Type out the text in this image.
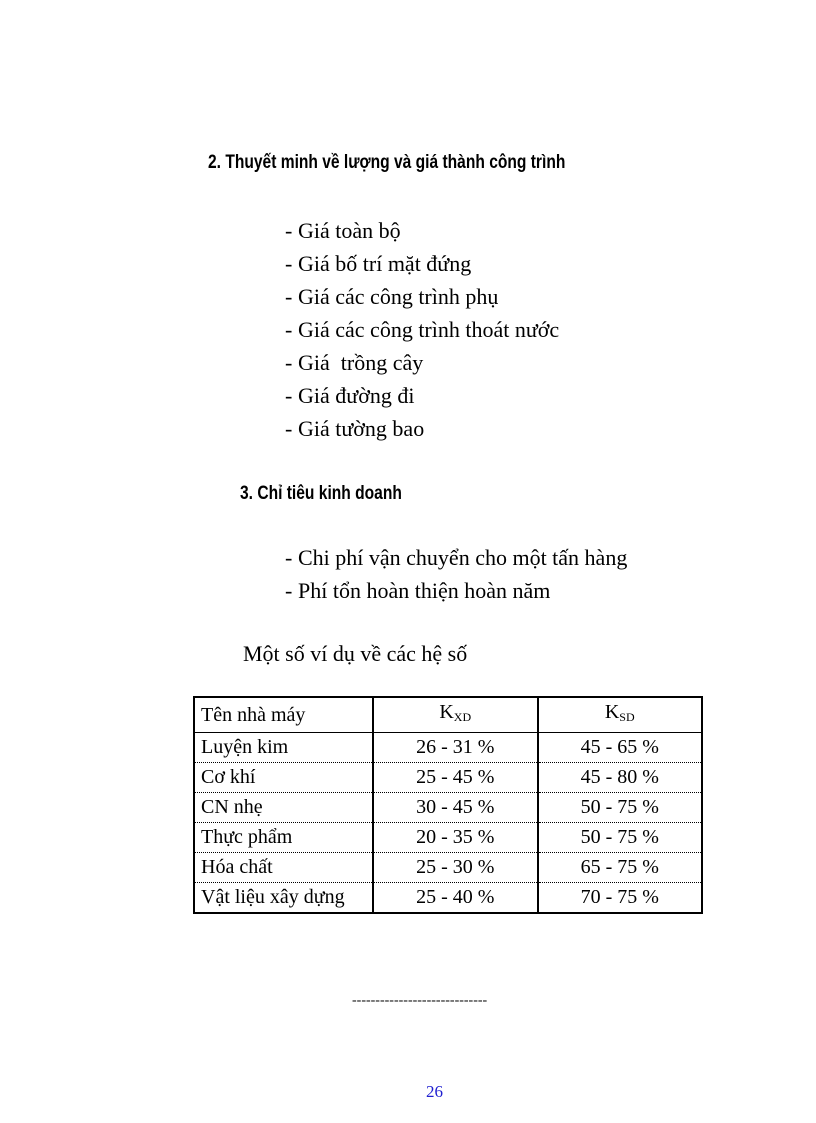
2. Thuyết minh về lượng và giá thành công trình
- Giá toàn bộ
- Giá bố trí mặt đứng
- Giá các công trình phụ
- Giá các công trình thoát nước
- Giá  trồng cây
- Giá đường đi
- Giá tường bao
3. Chỉ tiêu kinh doanh
- Chi phí vận chuyển cho một tấn hàng
- Phí tổn hoàn thiện hoàn năm
Một số ví dụ về các hệ số
Tên nhà máy	$K_{XD}$	$K_{SD}$
Luyện kim	26 - 31 %	45 - 65 %
Cơ khí	25 - 45 %	45 - 80 %
CN nhẹ	30 - 45 %	50 - 75 %
Thực phẩm	20 - 35 %	50 - 75 %
Hóa chất	25 - 30 %	65 - 75 %
Vật liệu xây dựng	25 - 40 %	70 - 75 %
-----------------------------
26
